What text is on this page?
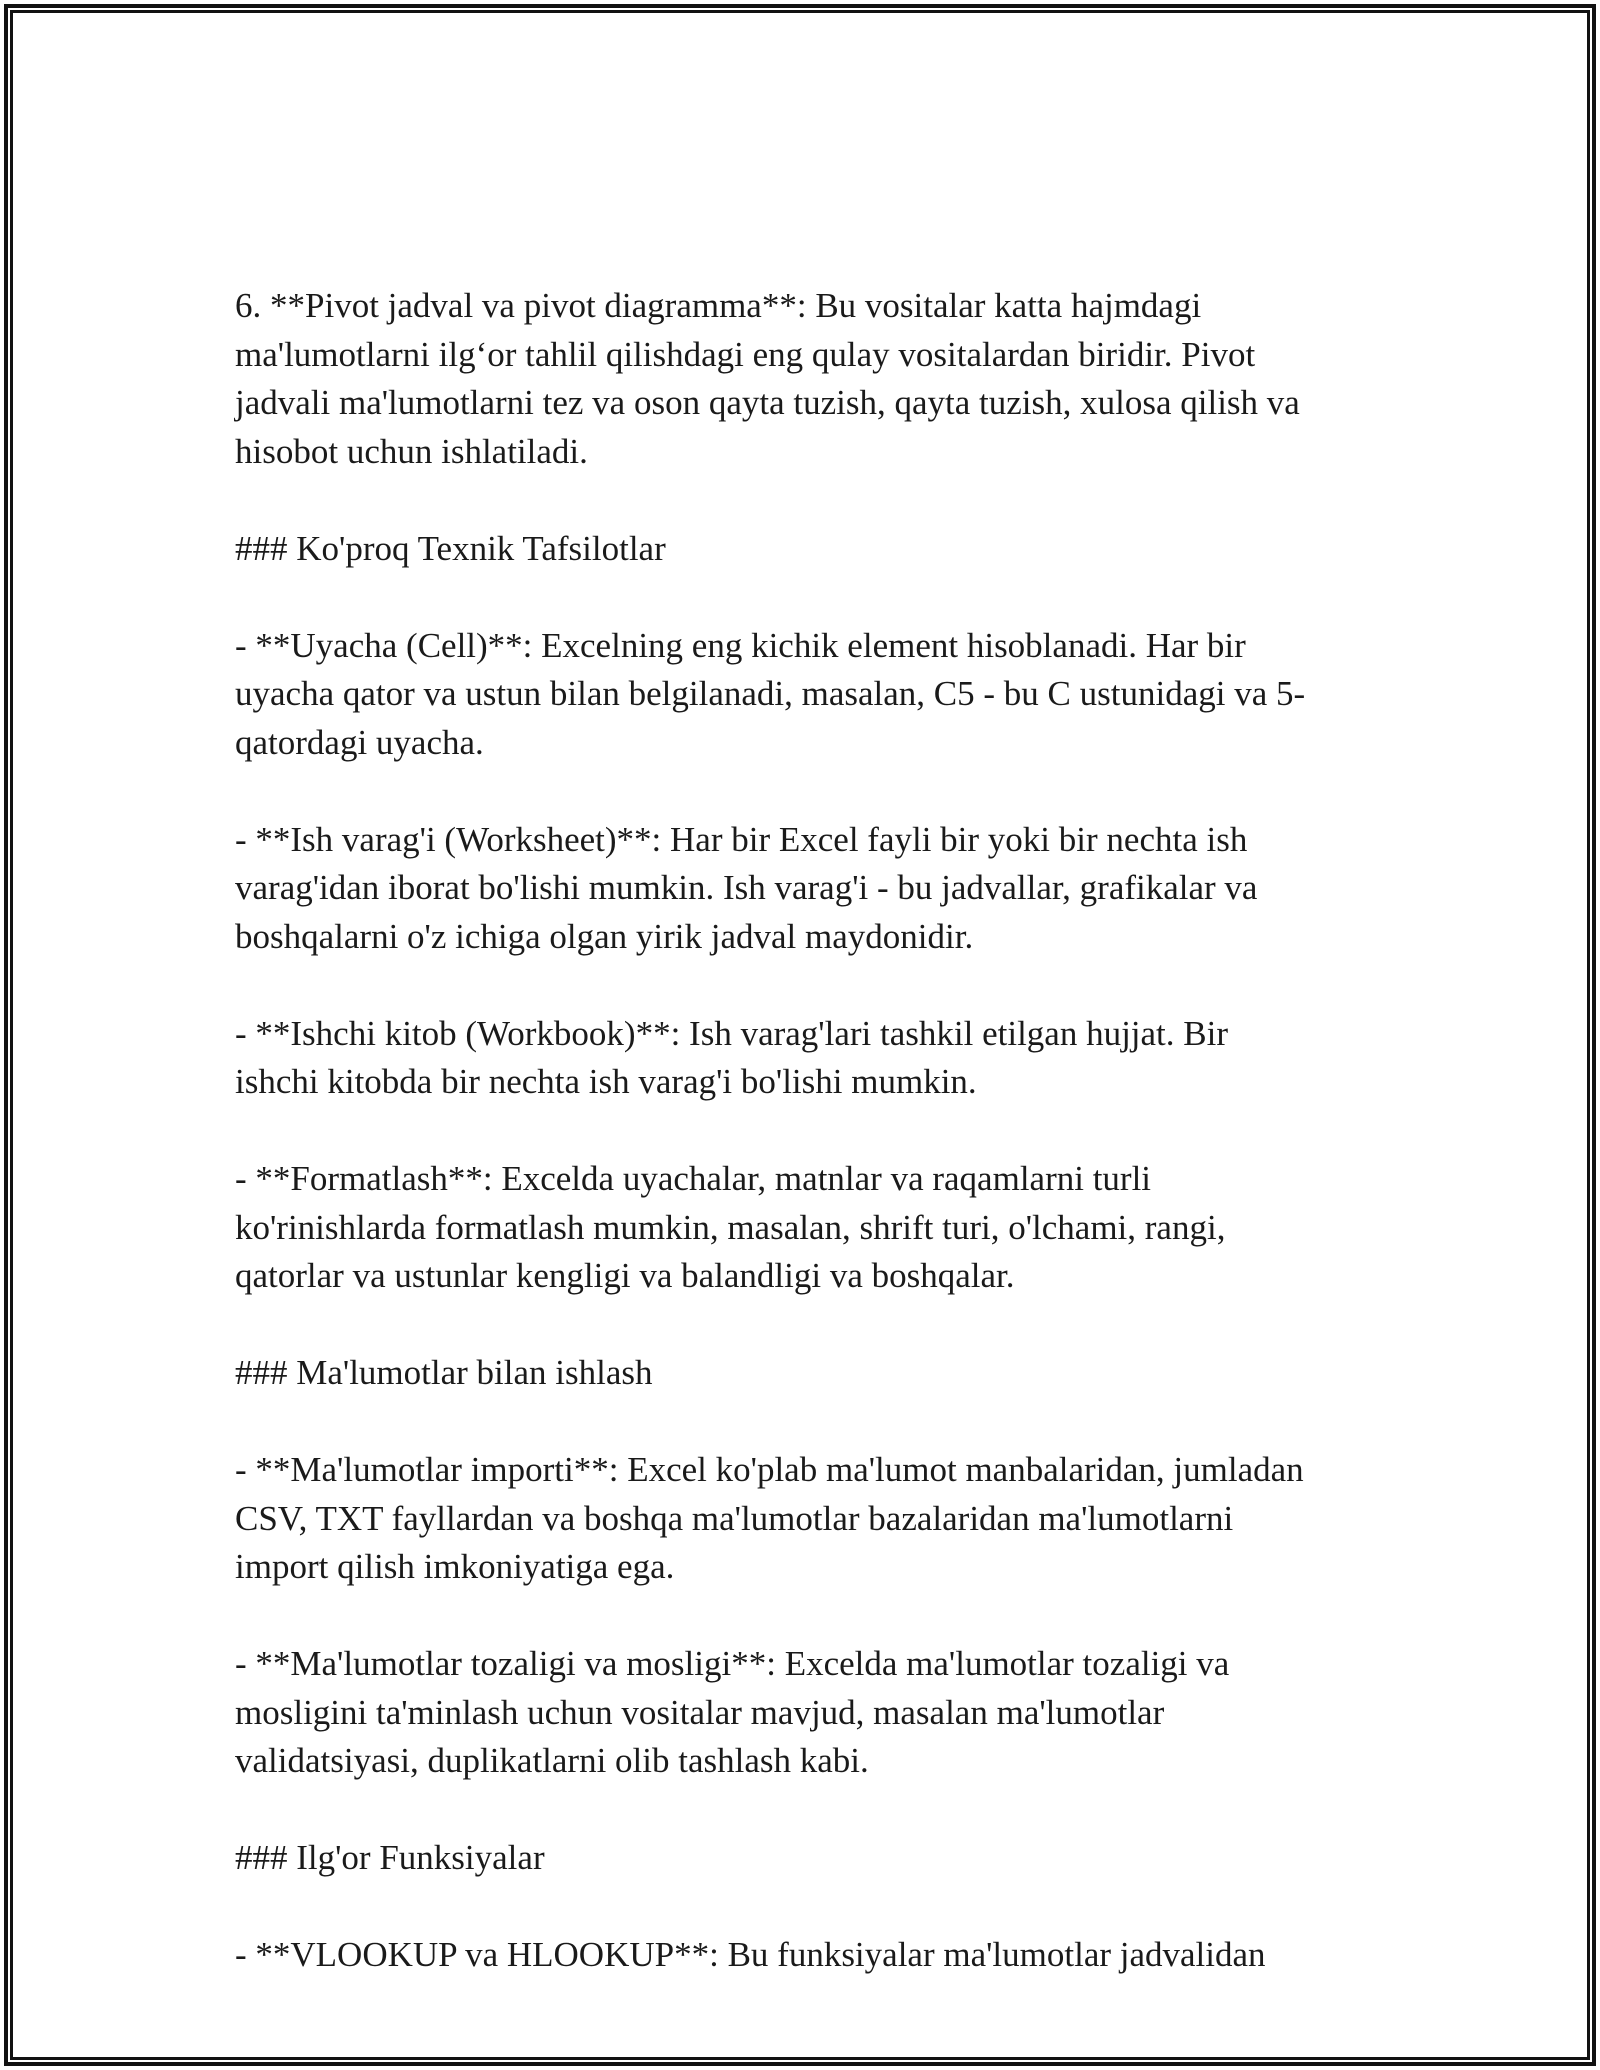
6. **Pivot jadval va pivot diagramma**: Bu vositalar katta hajmdagi
ma'lumotlarni ilg‘or tahlil qilishdagi eng qulay vositalardan biridir. Pivot
jadvali ma'lumotlarni tez va oson qayta tuzish, qayta tuzish, xulosa qilish va
hisobot uchun ishlatiladi.
### Ko'proq Texnik Tafsilotlar
- **Uyacha (Cell)**: Excelning eng kichik element hisoblanadi. Har bir
uyacha qator va ustun bilan belgilanadi, masalan, C5 - bu C ustunidagi va 5-
qatordagi uyacha.
- **Ish varag'i (Worksheet)**: Har bir Excel fayli bir yoki bir nechta ish
varag'idan iborat bo'lishi mumkin. Ish varag'i - bu jadvallar, grafikalar va
boshqalarni o'z ichiga olgan yirik jadval maydonidir.
- **Ishchi kitob (Workbook)**: Ish varag'lari tashkil etilgan hujjat. Bir
ishchi kitobda bir nechta ish varag'i bo'lishi mumkin.
- **Formatlash**: Excelda uyachalar, matnlar va raqamlarni turli
ko'rinishlarda formatlash mumkin, masalan, shrift turi, o'lchami, rangi,
qatorlar va ustunlar kengligi va balandligi va boshqalar.
### Ma'lumotlar bilan ishlash
- **Ma'lumotlar importi**: Excel ko'plab ma'lumot manbalaridan, jumladan
CSV, TXT fayllardan va boshqa ma'lumotlar bazalaridan ma'lumotlarni
import qilish imkoniyatiga ega.
- **Ma'lumotlar tozaligi va mosligi**: Excelda ma'lumotlar tozaligi va
mosligini ta'minlash uchun vositalar mavjud, masalan ma'lumotlar
validatsiyasi, duplikatlarni olib tashlash kabi.
### Ilg'or Funksiyalar
- **VLOOKUP va HLOOKUP**: Bu funksiyalar ma'lumotlar jadvalidan
